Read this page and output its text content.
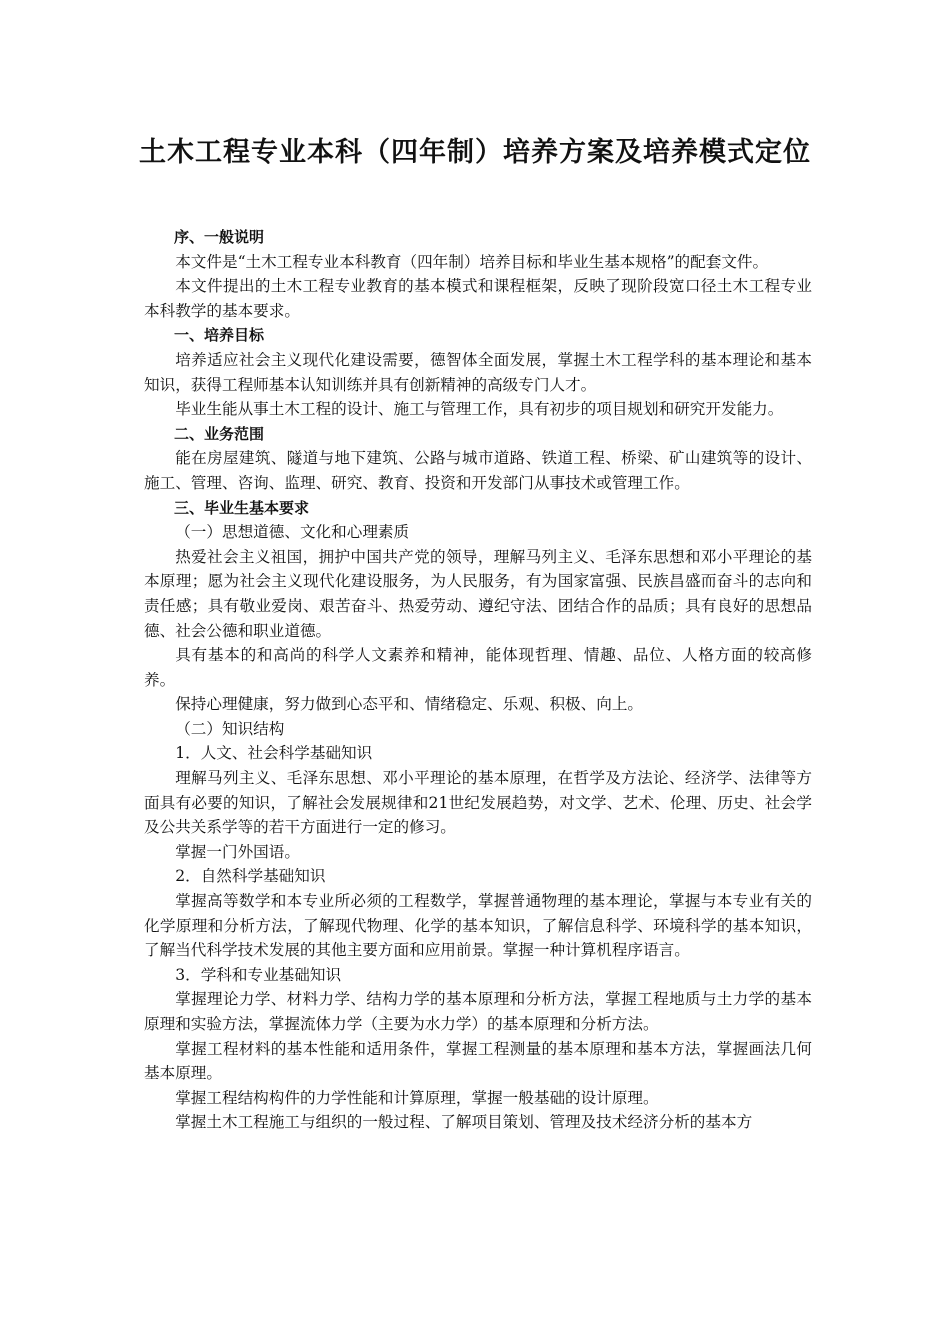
土木工程专业本科（四年制）培养方案及培养模式定位

序、一般说明

本文件是“土木工程专业本科教育（四年制）培养目标和毕业生基本规格”的配套文件。

本文件提出的土木工程专业教育的基本模式和课程框架，反映了现阶段宽口径土木工程专业本科教学的基本要求。

一、培养目标

培养适应社会主义现代化建设需要，德智体全面发展，掌握土木工程学科的基本理论和基本知识，获得工程师基本认知训练并具有创新精神的高级专门人才。

毕业生能从事土木工程的设计、施工与管理工作，具有初步的项目规划和研究开发能力。

二、业务范围

能在房屋建筑、隧道与地下建筑、公路与城市道路、铁道工程、桥梁、矿山建筑等的设计、施工、管理、咨询、监理、研究、教育、投资和开发部门从事技术或管理工作。

三、毕业生基本要求

（一）思想道德、文化和心理素质

热爱社会主义祖国，拥护中国共产党的领导，理解马列主义、毛泽东思想和邓小平理论的基本原理；愿为社会主义现代化建设服务，为人民服务，有为国家富强、民族昌盛而奋斗的志向和责任感；具有敬业爱岗、艰苦奋斗、热爱劳动、遵纪守法、团结合作的品质；具有良好的思想品德、社会公德和职业道德。

具有基本的和高尚的科学人文素养和精神，能体现哲理、情趣、品位、人格方面的较高修养。

保持心理健康，努力做到心态平和、情绪稳定、乐观、积极、向上。

（二）知识结构

1．人文、社会科学基础知识

理解马列主义、毛泽东思想、邓小平理论的基本原理，在哲学及方法论、经济学、法律等方面具有必要的知识，了解社会发展规律和21世纪发展趋势，对文学、艺术、伦理、历史、社会学及公共关系学等的若干方面进行一定的修习。

掌握一门外国语。

2．自然科学基础知识

掌握高等数学和本专业所必须的工程数学，掌握普通物理的基本理论，掌握与本专业有关的化学原理和分析方法，了解现代物理、化学的基本知识，了解信息科学、环境科学的基本知识，了解当代科学技术发展的其他主要方面和应用前景。掌握一种计算机程序语言。

3．学科和专业基础知识

掌握理论力学、材料力学、结构力学的基本原理和分析方法，掌握工程地质与土力学的基本原理和实验方法，掌握流体力学（主要为水力学）的基本原理和分析方法。

掌握工程材料的基本性能和适用条件，掌握工程测量的基本原理和基本方法，掌握画法几何基本原理。

掌握工程结构构件的力学性能和计算原理，掌握一般基础的设计原理。

掌握土木工程施工与组织的一般过程、了解项目策划、管理及技术经济分析的基本方
